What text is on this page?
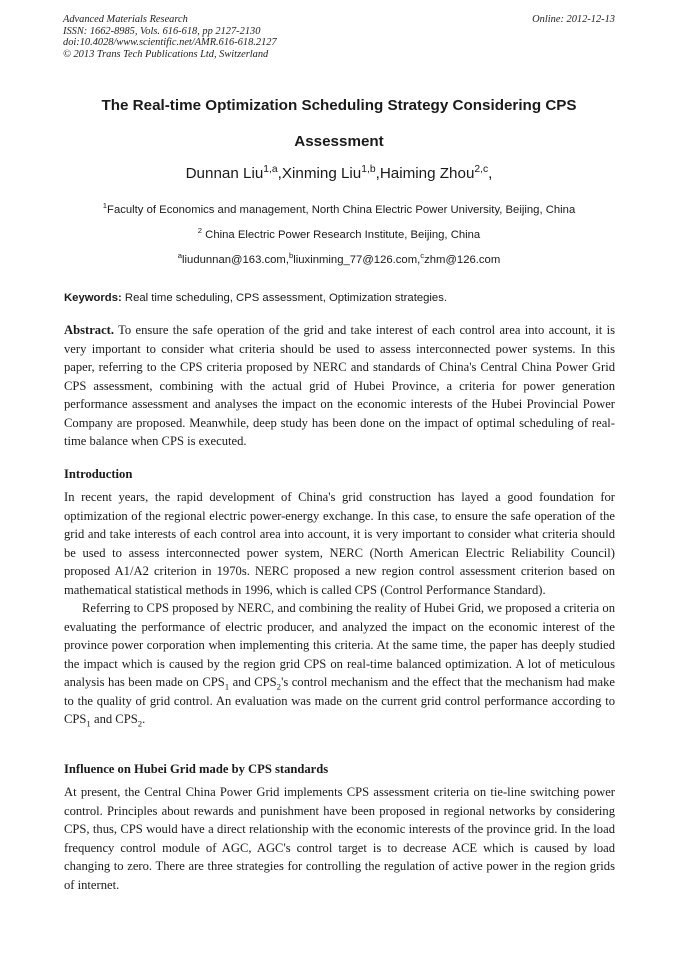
Advanced Materials Research
ISSN: 1662-8985, Vols. 616-618, pp 2127-2130
doi:10.4028/www.scientific.net/AMR.616-618.2127
© 2013 Trans Tech Publications Ltd, Switzerland
Online: 2012-12-13
The Real-time Optimization Scheduling Strategy Considering CPS
Assessment
Dunnan Liu$^{1,a}$,Xinming Liu$^{1,b}$,Haiming Zhou$^{2,c}$,
$^1$Faculty of Economics and management, North China Electric Power University, Beijing, China
$^2$ China Electric Power Research Institute, Beijing, China
$^a$liudunnan@163.com,$^b$liuxinming_77@126.com,$^c$zhm@126.com
Keywords: Real time scheduling, CPS assessment, Optimization strategies.

Abstract. To ensure the safe operation of the grid and take interest of each control area into account, it is very important to consider what criteria should be used to assess interconnected power systems. In this paper, referring to the CPS criteria proposed by NERC and standards of China's Central China Power Grid CPS assessment, combining with the actual grid of Hubei Province, a criteria for power generation performance assessment and analyses the impact on the economic interests of the Hubei Provincial Power Company are proposed. Meanwhile, deep study has been done on the impact of optimal scheduling of real-time balance when CPS is executed.

Introduction

In recent years, the rapid development of China's grid construction has layed a good foundation for optimization of the regional electric power-energy exchange. In this case, to ensure the safe operation of the grid and take interests of each control area into account, it is very important to consider what criteria should be used to assess interconnected power system, NERC (North American Electric Reliability Council) proposed A1/A2 criterion in 1970s. NERC proposed a new region control assessment criterion based on mathematical statistical methods in 1996, which is called CPS (Control Performance Standard).

Referring to CPS proposed by NERC, and combining the reality of Hubei Grid, we proposed a criteria on evaluating the performance of electric producer, and analyzed the impact on the economic interest of the province power corporation when implementing this criteria. At the same time, the paper has deeply studied the impact which is caused by the region grid CPS on real-time balanced optimization. A lot of meticulous analysis has been made on $CPS_1$ and $CPS_2's$ control mechanism and the effect that the mechanism had make to the quality of grid control. An evaluation was made on the current grid control performance according to $CPS_1$ and $CPS_2$.

Influence on Hubei Grid made by CPS standards

At present, the Central China Power Grid implements CPS assessment criteria on tie-line switching power control. Principles about rewards and punishment have been proposed in regional networks by considering CPS, thus, CPS would have a direct relationship with the economic interests of the province grid. In the load frequency control module of AGC, AGC's control target is to decrease ACE which is caused by load changing to zero. There are three strategies for controlling the regulation of active power in the region grids of internet.
